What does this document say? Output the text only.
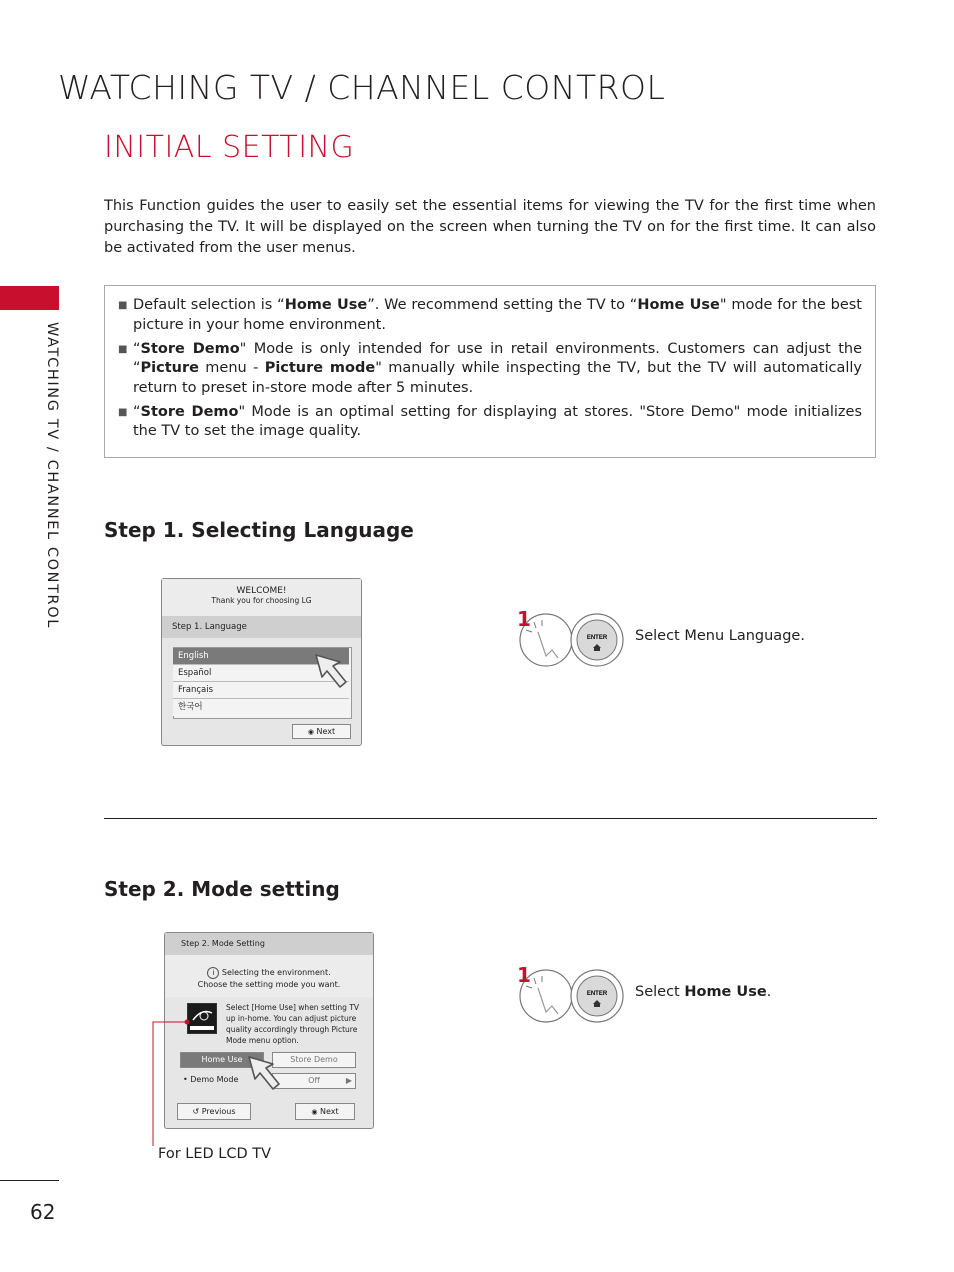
WATCHING TV / CHANNEL CONTROL
WATCHING TV / CHANNEL CONTROL
62
INITIAL SETTING
This Function guides the user to easily set the essential items for viewing the TV for the first time when purchasing the TV. It will be displayed on the screen when turning the TV on for the first time. It can also be activated from the user menus.
■ Default selection is “Home Use”. We recommend setting the TV to “Home Use" mode for the best picture in your home environment.
■ “Store Demo" Mode is only intended for use in retail environments. Customers can adjust the “Picture menu - Picture mode" manually while inspecting the TV, but the TV will automatically return to preset in-store mode after 5 minutes.
■ “Store Demo" Mode is an optimal setting for displaying at stores. "Store Demo" mode initializes the TV to set the image quality.
Step 1. Selecting Language
WELCOME!
Thank you for choosing LG
Step 1. Language
English
Español
Français
한국어
◉ Next
ENTER
1
Select Menu Language.
Step 2. Mode setting
Step 2. Mode Setting
i Selecting the environment.
Choose the setting mode you want.
Select [Home Use] when setting TV up in-home. You can adjust picture quality accordingly through Picture Mode menu option.
Home Use	Store Demo
• Demo Mode	Off	▶
↺ Previous	◉ Next
For LED LCD TV
ENTER
1
Select Home Use.
